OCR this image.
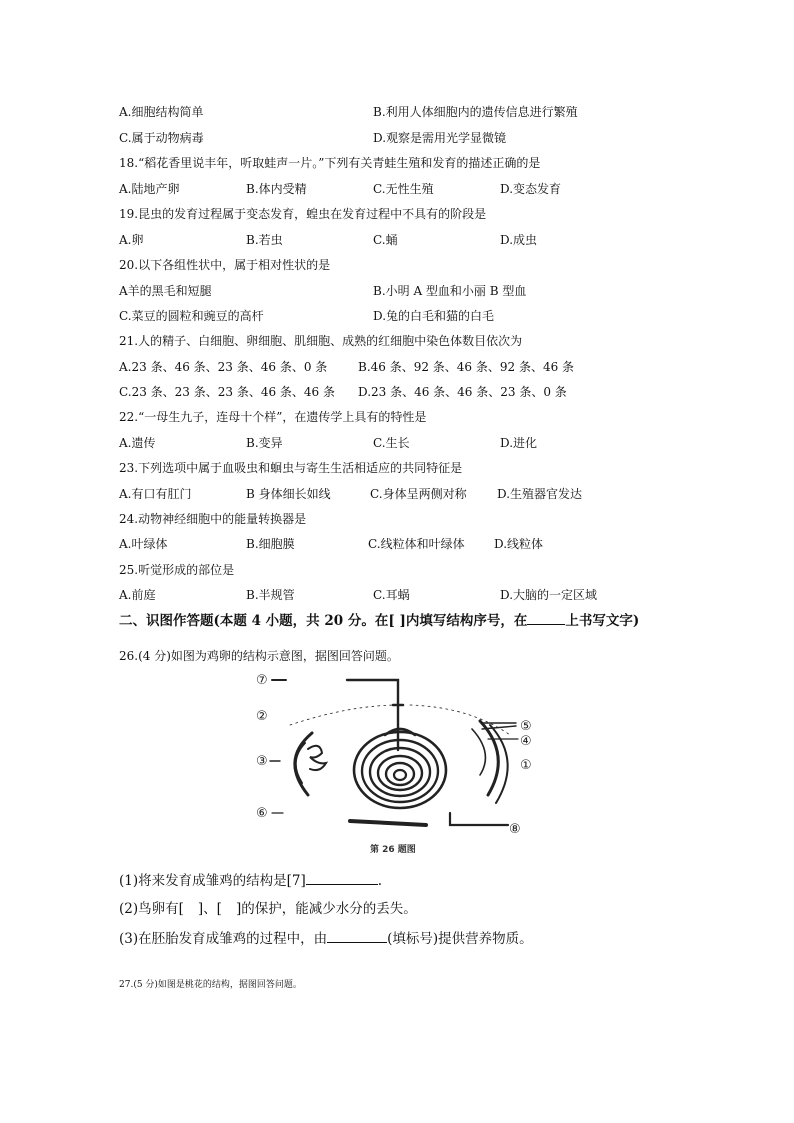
A.细胞结构简单	B.利用人体细胞内的遗传信息进行繁殖
C.属于动物病毒	D.观察是需用光学显微镜
18.“稻花香里说丰年，听取蛙声一片。”下列有关青蛙生殖和发育的描述正确的是
A.陆地产卵	B.体内受精	C.无性生殖	D.变态发育
19.昆虫的发育过程属于变态发育，蝗虫在发育过程中不具有的阶段是
A.卵	B.若虫	C.蛹	D.成虫
20.以下各组性状中，属于相对性状的是
A羊的黑毛和短腿	B.小明 A 型血和小丽 B 型血
C.菜豆的圆粒和豌豆的高杆	D.兔的白毛和猫的白毛
21.人的精子、白细胞、卵细胞、肌细胞、成熟的红细胞中染色体数目依次为
A.23 条、46 条、23 条、46 条、0 条	B.46 条、92 条、46 条、92 条、46 条
C.23 条、23 条、23 条、46 条、46 条 D.23 条、46 条、46 条、23 条、0 条
22.“一母生九子，连母十个样”，在遗传学上具有的特性是
A.遗传	B.变异	C.生长	D.进化
23.下列选项中属于血吸虫和蛔虫与寄生生活相适应的共同特征是
A.有口有肛门	B 身体细长如线	C.身体呈两侧对称	D.生殖器官发达
24.动物神经细胞中的能量转换器是
A.叶绿体	B.细胞膜	C.线粒体和叶绿体 D.线粒体
25.听觉形成的部位是
A.前庭	B.半规管	C.耳蜗	D.大脑的一定区域
二、识图作答题(本题 4 小题，共 20 分。在[ ]内填写结构序号，在	上书写文字)
26.(4 分)如图为鸡卵的结构示意图，据图回答问题。
⑦
②
③
⑥
⑤
④
①
⑧
第 26 题图
(1)将来发育成雏鸡的结构是[7]	.
(2)鸟卵有[ ]、[ ]的保护，能减少水分的丢失。
(3)在胚胎发育成雏鸡的过程中，由	(填标号)提供营养物质。
27.(5 分)如图是桃花的结构，据图回答问题。
